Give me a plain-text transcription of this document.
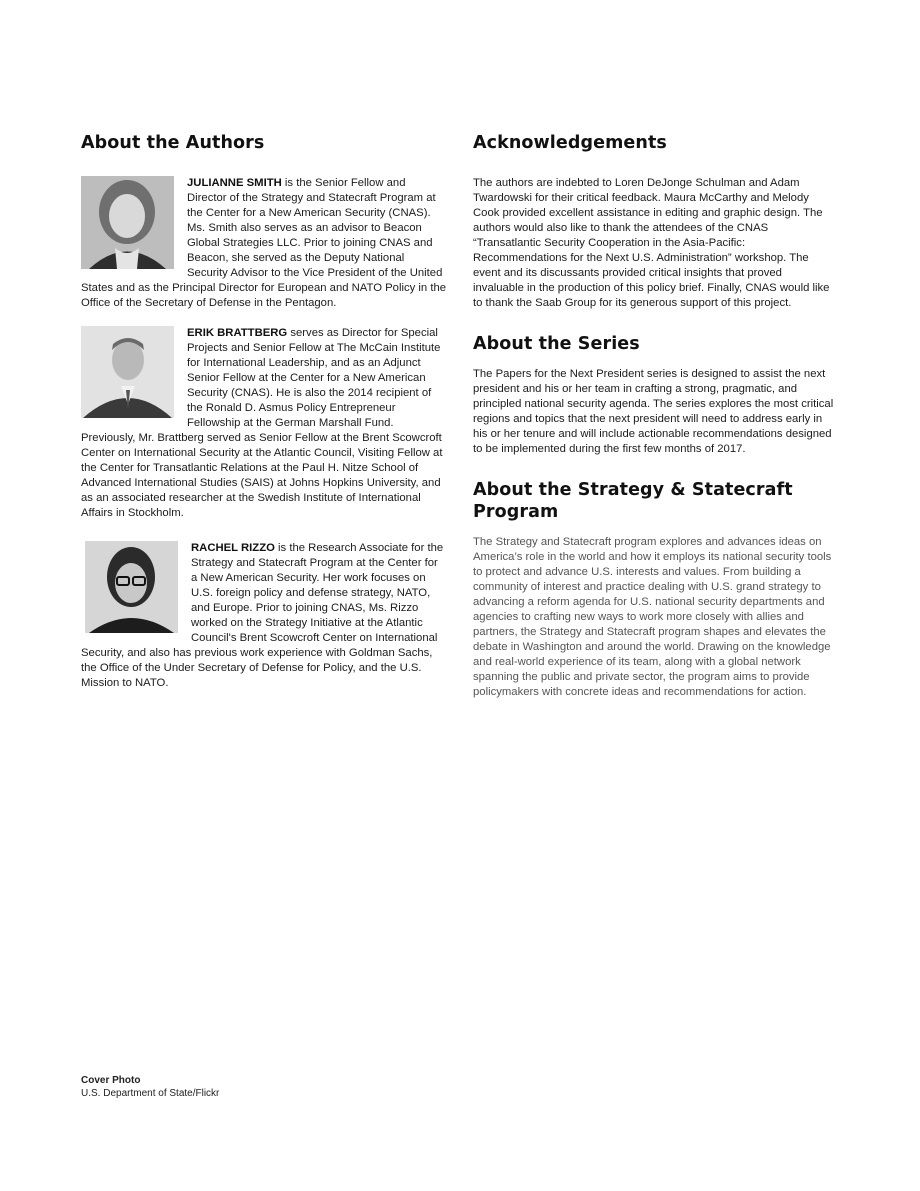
About the Authors

JULIANNE SMITH is the Senior Fellow and Director of the Strategy and Statecraft Program at the Center for a New American Security (CNAS). Ms. Smith also serves as an advisor to Beacon Global Strategies LLC. Prior to joining CNAS and Beacon, she served as the Deputy National Security Advisor to the Vice President of the United States and as the Principal Director for European and NATO Policy in the Office of the Secretary of Defense in the Pentagon.

ERIK BRATTBERG serves as Director for Special Projects and Senior Fellow at The McCain Institute for International Leadership, and as an Adjunct Senior Fellow at the Center for a New American Security (CNAS). He is also the 2014 recipient of the Ronald D. Asmus Policy Entrepreneur Fellowship at the German Marshall Fund. Previously, Mr. Brattberg served as Senior Fellow at the Brent Scowcroft Center on International Security at the Atlantic Council, Visiting Fellow at the Center for Transatlantic Relations at the Paul H. Nitze School of Advanced International Studies (SAIS) at Johns Hopkins University, and as an associated researcher at the Swedish Institute of International Affairs in Stockholm.

RACHEL RIZZO is the Research Associate for the Strategy and Statecraft Program at the Center for a New American Security. Her work focuses on U.S. foreign policy and defense strategy, NATO, and Europe. Prior to joining CNAS, Ms. Rizzo worked on the Strategy Initiative at the Atlantic Council's Brent Scowcroft Center on International Security, and also has previous work experience with Goldman Sachs, the Office of the Under Secretary of Defense for Policy, and the U.S. Mission to NATO.

Acknowledgements

The authors are indebted to Loren DeJonge Schulman and Adam Twardowski for their critical feedback. Maura McCarthy and Melody Cook provided excellent assistance in editing and graphic design. The authors would also like to thank the attendees of the CNAS “Transatlantic Security Cooperation in the Asia-Pacific: Recommendations for the Next U.S. Administration” workshop. The event and its discussants provided critical insights that proved invaluable in the production of this policy brief. Finally, CNAS would like to thank the Saab Group for its generous support of this project.

About the Series

The Papers for the Next President series is designed to assist the next president and his or her team in crafting a strong, pragmatic, and principled national security agenda. The series explores the most critical regions and topics that the next president will need to address early in his or her tenure and will include actionable recommendations designed to be implemented during the first few months of 2017.

About the Strategy & Statecraft Program

The Strategy and Statecraft program explores and advances ideas on America’s role in the world and how it employs its national security tools to protect and advance U.S. interests and values. From building a community of interest and practice dealing with U.S. grand strategy to advancing a reform agenda for U.S. national security departments and agencies to crafting new ways to work more closely with allies and partners, the Strategy and Statecraft program shapes and elevates the debate in Washington and around the world. Drawing on the knowledge and real-world experience of its team, along with a global network spanning the public and private sector, the program aims to provide policymakers with concrete ideas and recommendations for action.

Cover Photo
U.S. Department of State/Flickr
